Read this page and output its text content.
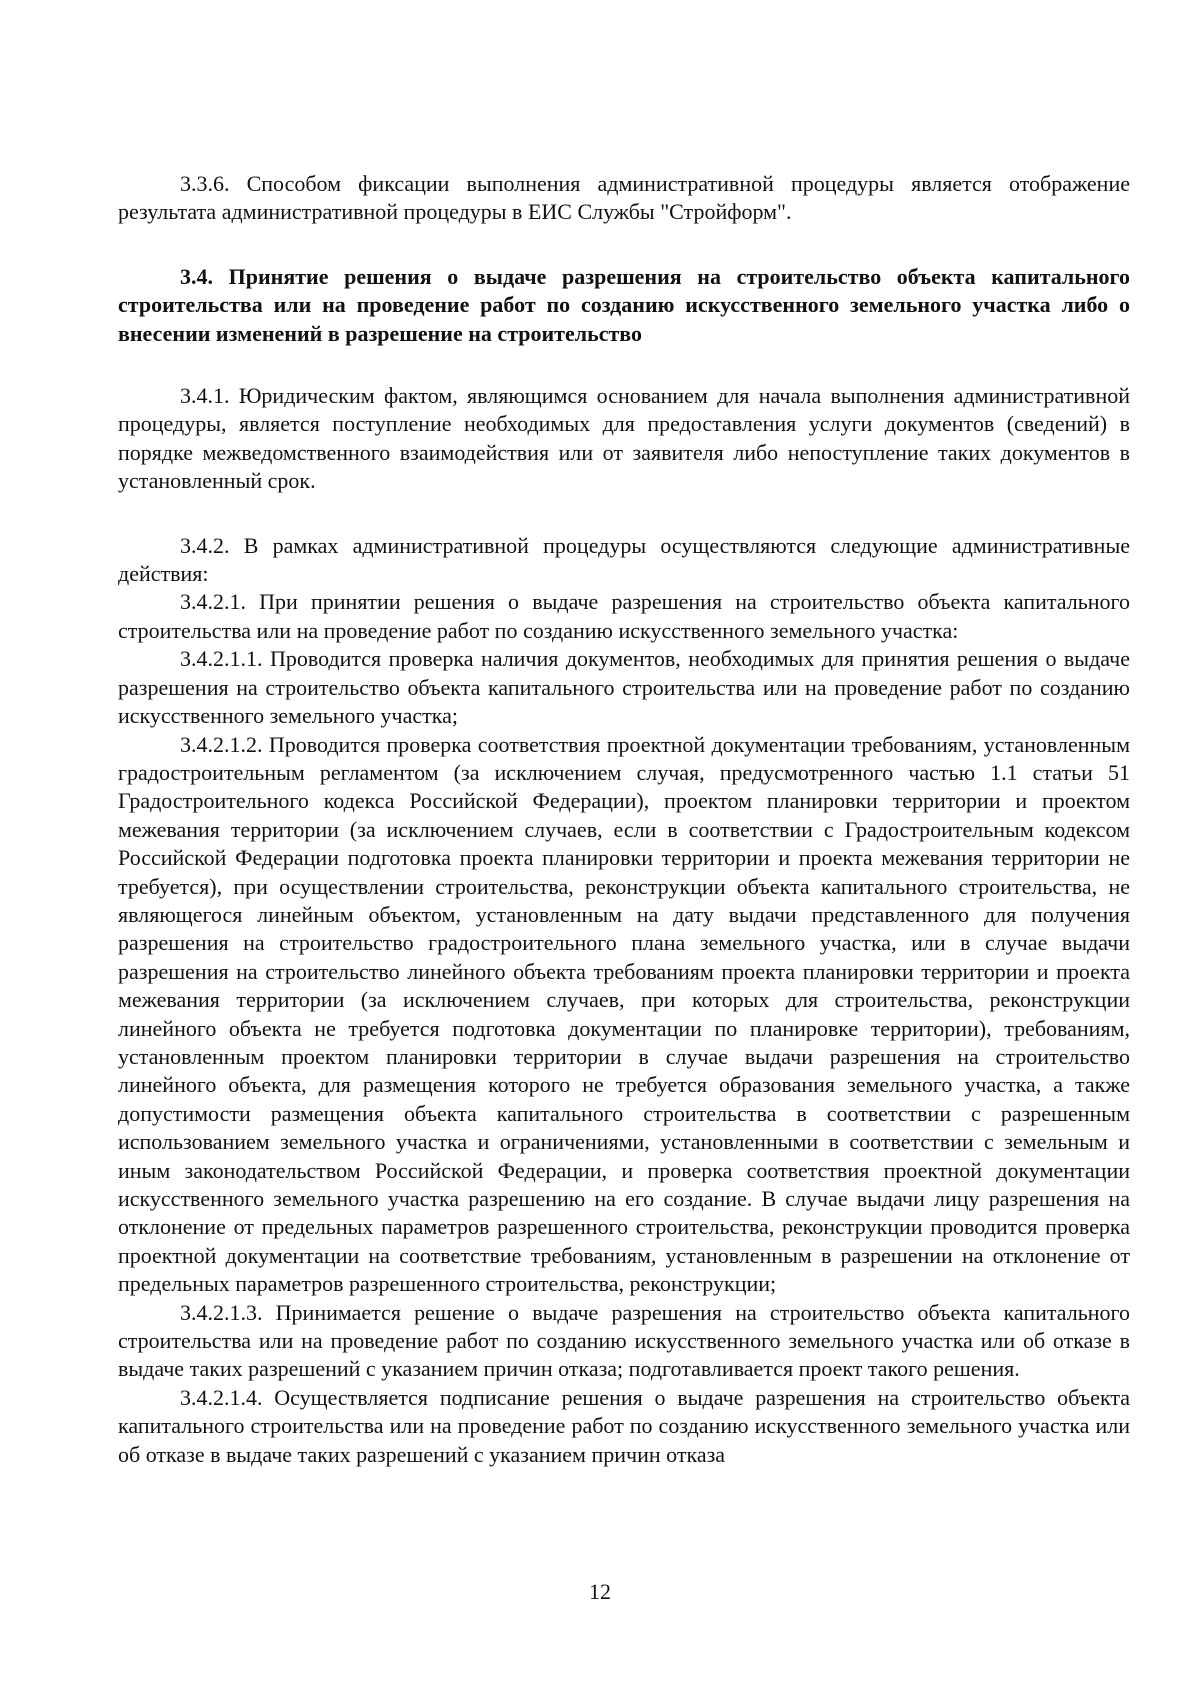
3.3.6. Способом фиксации выполнения административной процедуры является отображение результата административной процедуры в ЕИС Службы "Стройформ".

3.4. Принятие решения о выдаче разрешения на строительство объекта капитального строительства или на проведение работ по созданию искусственного земельного участка либо о внесении изменений в разрешение на строительство

3.4.1. Юридическим фактом, являющимся основанием для начала выполнения административной процедуры, является поступление необходимых для предоставления услуги документов (сведений) в порядке межведомственного взаимодействия или от заявителя либо непоступление таких документов в установленный срок.

3.4.2. В рамках административной процедуры осуществляются следующие административные действия:

3.4.2.1. При принятии решения о выдаче разрешения на строительство объекта капитального строительства или на проведение работ по созданию искусственного земельного участка:

3.4.2.1.1. Проводится проверка наличия документов, необходимых для принятия решения о выдаче разрешения на строительство объекта капитального строительства или на проведение работ по созданию искусственного земельного участка;

3.4.2.1.2. Проводится проверка соответствия проектной документации требованиям, установленным градостроительным регламентом (за исключением случая, предусмотренного частью 1.1 статьи 51 Градостроительного кодекса Российской Федерации), проектом планировки территории и проектом межевания территории (за исключением случаев, если в соответствии с Градостроительным кодексом Российской Федерации подготовка проекта планировки территории и проекта межевания территории не требуется), при осуществлении строительства, реконструкции объекта капитального строительства, не являющегося линейным объектом, установленным на дату выдачи представленного для получения разрешения на строительство градостроительного плана земельного участка, или в случае выдачи разрешения на строительство линейного объекта требованиям проекта планировки территории и проекта межевания территории (за исключением случаев, при которых для строительства, реконструкции линейного объекта не требуется подготовка документации по планировке территории), требованиям, установленным проектом планировки территории в случае выдачи разрешения на строительство линейного объекта, для размещения которого не требуется образования земельного участка, а также допустимости размещения объекта капитального строительства в соответствии с разрешенным использованием земельного участка и ограничениями, установленными в соответствии с земельным и иным законодательством Российской Федерации, и проверка соответствия проектной документации искусственного земельного участка разрешению на его создание. В случае выдачи лицу разрешения на отклонение от предельных параметров разрешенного строительства, реконструкции проводится проверка проектной документации на соответствие требованиям, установленным в разрешении на отклонение от предельных параметров разрешенного строительства, реконструкции;

3.4.2.1.3. Принимается решение о выдаче разрешения на строительство объекта капитального строительства или на проведение работ по созданию искусственного земельного участка или об отказе в выдаче таких разрешений с указанием причин отказа; подготавливается проект такого решения.

3.4.2.1.4. Осуществляется подписание решения о выдаче разрешения на строительство объекта капитального строительства или на проведение работ по созданию искусственного земельного участка или об отказе в выдаче таких разрешений с указанием причин отказа

12
